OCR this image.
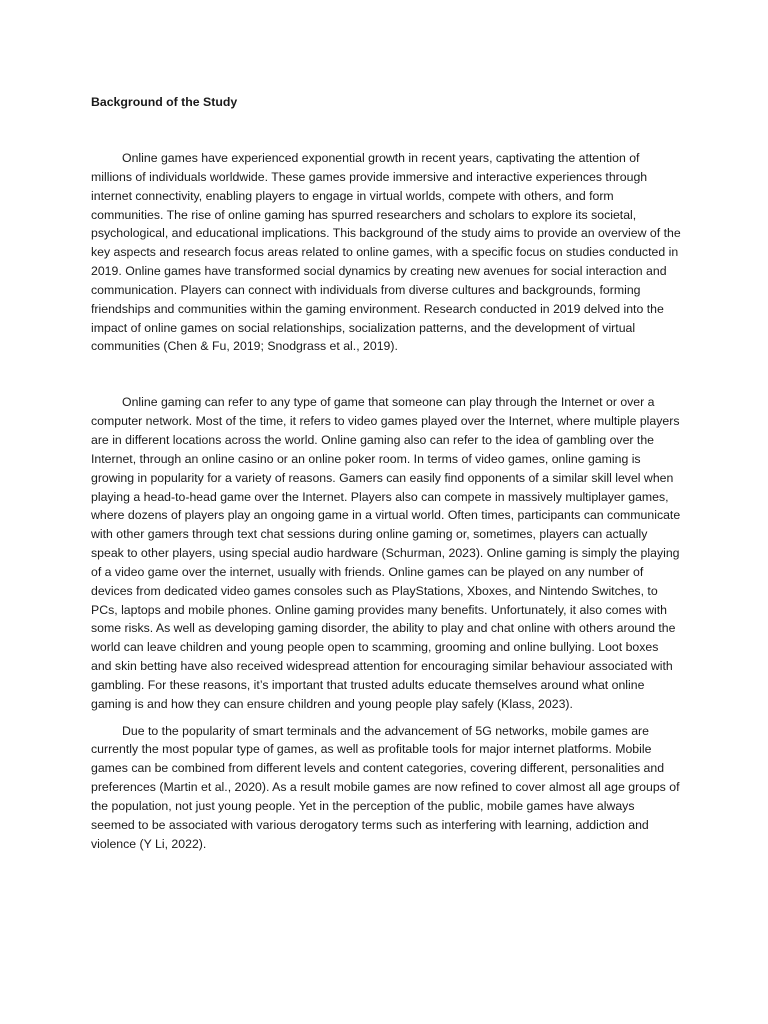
Background of the Study

Online games have experienced exponential growth in recent years, captivating the attention of millions of individuals worldwide. These games provide immersive and interactive experiences through internet connectivity, enabling players to engage in virtual worlds, compete with others, and form communities. The rise of online gaming has spurred researchers and scholars to explore its societal, psychological, and educational implications. This background of the study aims to provide an overview of the key aspects and research focus areas related to online games, with a specific focus on studies conducted in 2019. Online games have transformed social dynamics by creating new avenues for social interaction and communication. Players can connect with individuals from diverse cultures and backgrounds, forming friendships and communities within the gaming environment. Research conducted in 2019 delved into the impact of online games on social relationships, socialization patterns, and the development of virtual communities (Chen & Fu, 2019; Snodgrass et al., 2019).

Online gaming can refer to any type of game that someone can play through the Internet or over a computer network. Most of the time, it refers to video games played over the Internet, where multiple players are in different locations across the world. Online gaming also can refer to the idea of gambling over the Internet, through an online casino or an online poker room. In terms of video games, online gaming is growing in popularity for a variety of reasons. Gamers can easily find opponents of a similar skill level when playing a head-to-head game over the Internet. Players also can compete in massively multiplayer games, where dozens of players play an ongoing game in a virtual world. Often times, participants can communicate with other gamers through text chat sessions during online gaming or, sometimes, players can actually speak to other players, using special audio hardware (Schurman, 2023). Online gaming is simply the playing of a video game over the internet, usually with friends. Online games can be played on any number of devices from dedicated video games consoles such as PlayStations, Xboxes, and Nintendo Switches, to PCs, laptops and mobile phones. Online gaming provides many benefits. Unfortunately, it also comes with some risks. As well as developing gaming disorder, the ability to play and chat online with others around the world can leave children and young people open to scamming, grooming and online bullying. Loot boxes and skin betting have also received widespread attention for encouraging similar behaviour associated with gambling. For these reasons, it’s important that trusted adults educate themselves around what online gaming is and how they can ensure children and young people play safely (Klass, 2023).

Due to the popularity of smart terminals and the advancement of 5G networks, mobile games are currently the most popular type of games, as well as profitable tools for major internet platforms. Mobile games can be combined from different levels and content categories, covering different, personalities and preferences (Martin et al., 2020). As a result mobile games are now refined to cover almost all age groups of the population, not just young people. Yet in the perception of the public, mobile games have always seemed to be associated with various derogatory terms such as interfering with learning, addiction and violence (Y Li, 2022).
